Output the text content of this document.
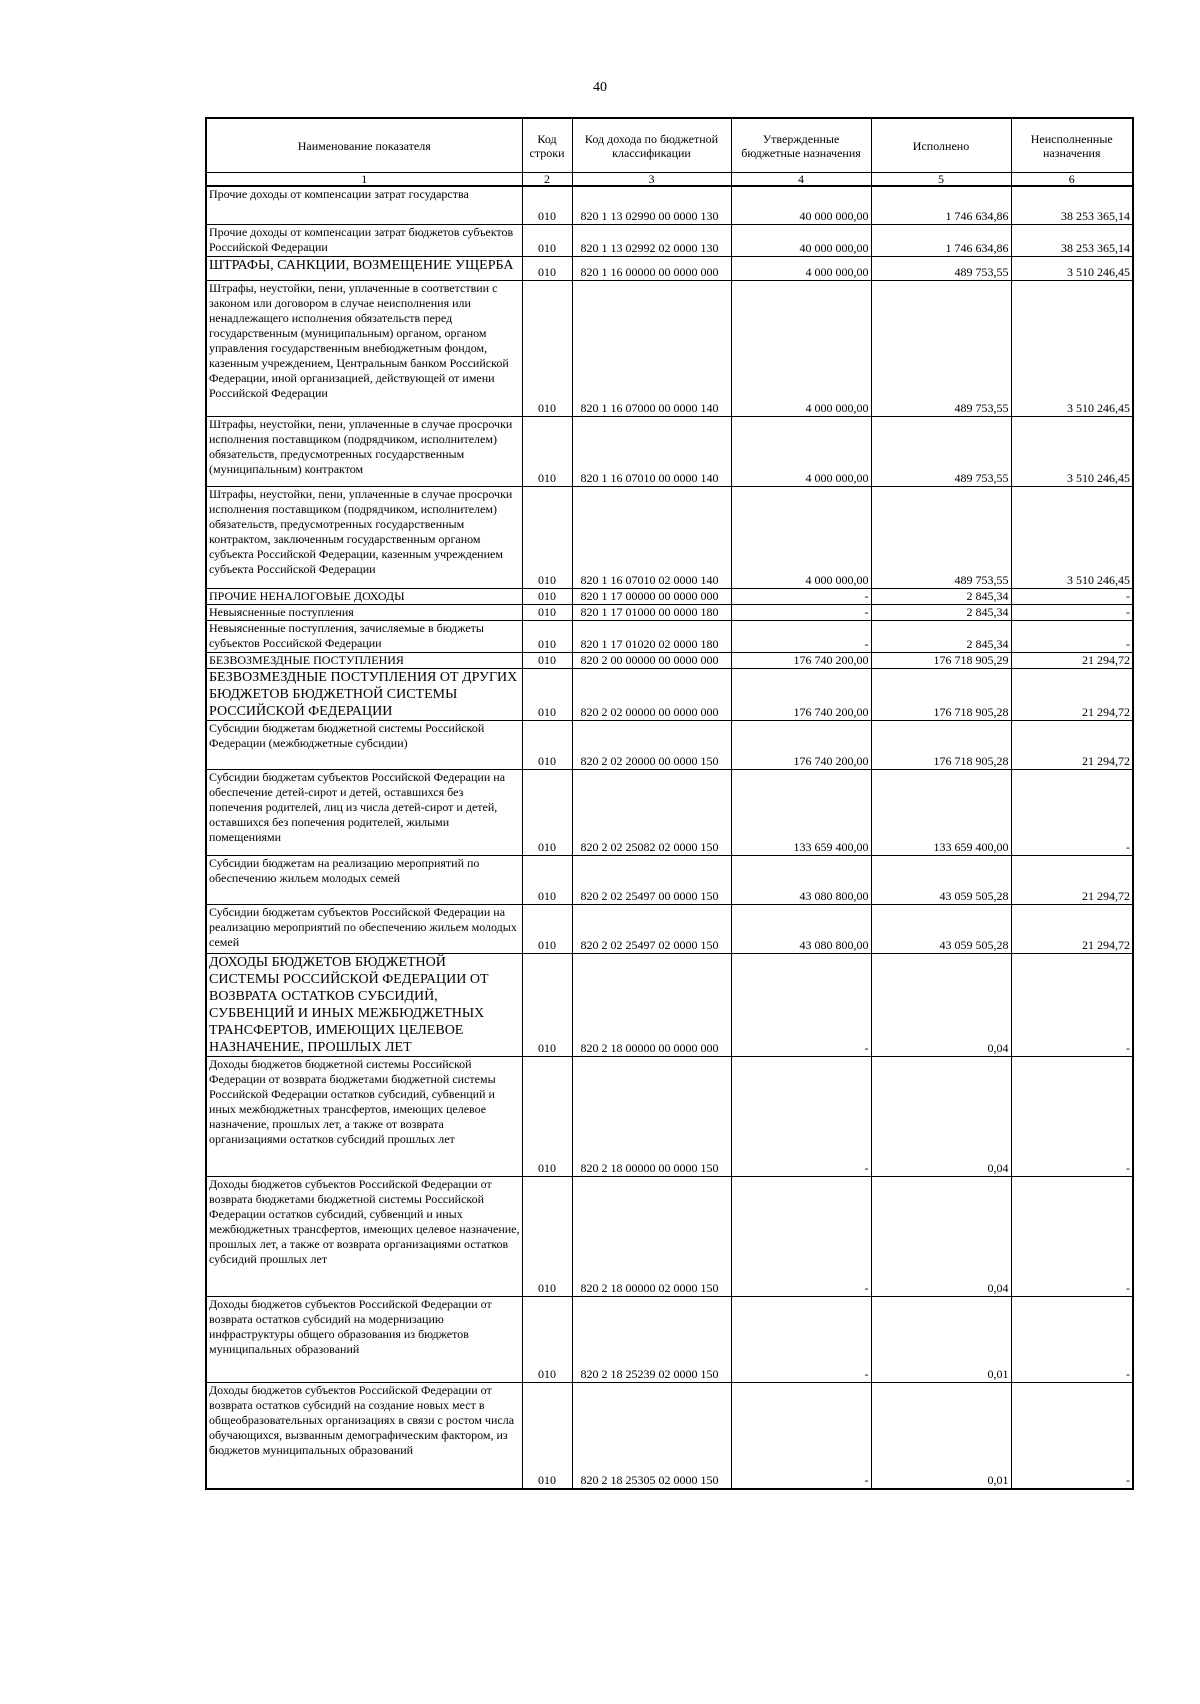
40
Наименование показателя	Код строки	Код дохода по бюджетной классификации	Утвержденные бюджетные назначения	Исполнено	Неисполненные назначения
1	2	3	4	5	6
Прочие доходы от компенсации затрат государства	010	820 1 13 02990 00 0000 130	40 000 000,00	1 746 634,86	38 253 365,14
Прочие доходы от компенсации затрат бюджетов субъектов Российской Федерации	010	820 1 13 02992 02 0000 130	40 000 000,00	1 746 634,86	38 253 365,14
ШТРАФЫ, САНКЦИИ, ВОЗМЕЩЕНИЕ УЩЕРБА	010	820 1 16 00000 00 0000 000	4 000 000,00	489 753,55	3 510 246,45
Штрафы, неустойки, пени, уплаченные в соответствии с законом или договором в случае неисполнения или ненадлежащего исполнения обязательств перед государственным (муниципальным) органом, органом управления государственным внебюджетным фондом, казенным учреждением, Центральным банком Российской Федерации, иной организацией, действующей от имени Российской Федерации	010	820 1 16 07000 00 0000 140	4 000 000,00	489 753,55	3 510 246,45
Штрафы, неустойки, пени, уплаченные в случае просрочки исполнения поставщиком (подрядчиком, исполнителем) обязательств, предусмотренных государственным (муниципальным) контрактом	010	820 1 16 07010 00 0000 140	4 000 000,00	489 753,55	3 510 246,45
Штрафы, неустойки, пени, уплаченные в случае просрочки исполнения поставщиком (подрядчиком, исполнителем) обязательств, предусмотренных государственным контрактом, заключенным государственным органом субъекта Российской Федерации, казенным учреждением субъекта Российской Федерации	010	820 1 16 07010 02 0000 140	4 000 000,00	489 753,55	3 510 246,45
ПРОЧИЕ НЕНАЛОГОВЫЕ ДОХОДЫ	010	820 1 17 00000 00 0000 000	-	2 845,34	-
Невыясненные поступления	010	820 1 17 01000 00 0000 180	-	2 845,34	-
Невыясненные поступления, зачисляемые в бюджеты субъектов Российской Федерации	010	820 1 17 01020 02 0000 180	-	2 845,34	-
БЕЗВОЗМЕЗДНЫЕ ПОСТУПЛЕНИЯ	010	820 2 00 00000 00 0000 000	176 740 200,00	176 718 905,29	21 294,72
БЕЗВОЗМЕЗДНЫЕ ПОСТУПЛЕНИЯ ОТ ДРУГИХ БЮДЖЕТОВ БЮДЖЕТНОЙ СИСТЕМЫ РОССИЙСКОЙ ФЕДЕРАЦИИ	010	820 2 02 00000 00 0000 000	176 740 200,00	176 718 905,28	21 294,72
Субсидии бюджетам бюджетной системы Российской Федерации (межбюджетные субсидии)	010	820 2 02 20000 00 0000 150	176 740 200,00	176 718 905,28	21 294,72
Субсидии бюджетам субъектов Российской Федерации на обеспечение детей-сирот и детей, оставшихся без попечения родителей, лиц из числа детей-сирот и детей, оставшихся без попечения родителей, жилыми помещениями	010	820 2 02 25082 02 0000 150	133 659 400,00	133 659 400,00	-
Субсидии бюджетам на реализацию мероприятий по обеспечению жильем молодых семей	010	820 2 02 25497 00 0000 150	43 080 800,00	43 059 505,28	21 294,72
Субсидии бюджетам субъектов Российской Федерации на реализацию мероприятий по обеспечению жильем молодых семей	010	820 2 02 25497 02 0000 150	43 080 800,00	43 059 505,28	21 294,72
ДОХОДЫ БЮДЖЕТОВ БЮДЖЕТНОЙ СИСТЕМЫ РОССИЙСКОЙ ФЕДЕРАЦИИ ОТ ВОЗВРАТА ОСТАТКОВ СУБСИДИЙ, СУБВЕНЦИЙ И ИНЫХ МЕЖБЮДЖЕТНЫХ ТРАНСФЕРТОВ, ИМЕЮЩИХ ЦЕЛЕВОЕ НАЗНАЧЕНИЕ, ПРОШЛЫХ ЛЕТ	010	820 2 18 00000 00 0000 000	-	0,04	-
Доходы бюджетов бюджетной системы Российской Федерации от возврата бюджетами бюджетной системы Российской Федерации остатков субсидий, субвенций и иных межбюджетных трансфертов, имеющих целевое назначение, прошлых лет, а также от возврата организациями остатков субсидий прошлых лет	010	820 2 18 00000 00 0000 150	-	0,04	-
Доходы бюджетов субъектов Российской Федерации от возврата бюджетами бюджетной системы Российской Федерации остатков субсидий, субвенций и иных межбюджетных трансфертов, имеющих целевое назначение, прошлых лет, а также от возврата организациями остатков субсидий прошлых лет	010	820 2 18 00000 02 0000 150	-	0,04	-
Доходы бюджетов субъектов Российской Федерации от возврата остатков субсидий на модернизацию инфраструктуры общего образования из бюджетов муниципальных образований	010	820 2 18 25239 02 0000 150	-	0,01	-
Доходы бюджетов субъектов Российской Федерации от возврата остатков субсидий на создание новых мест в общеобразовательных организациях в связи с ростом числа обучающихся, вызванным демографическим фактором, из бюджетов муниципальных образований	010	820 2 18 25305 02 0000 150	-	0,01	-
